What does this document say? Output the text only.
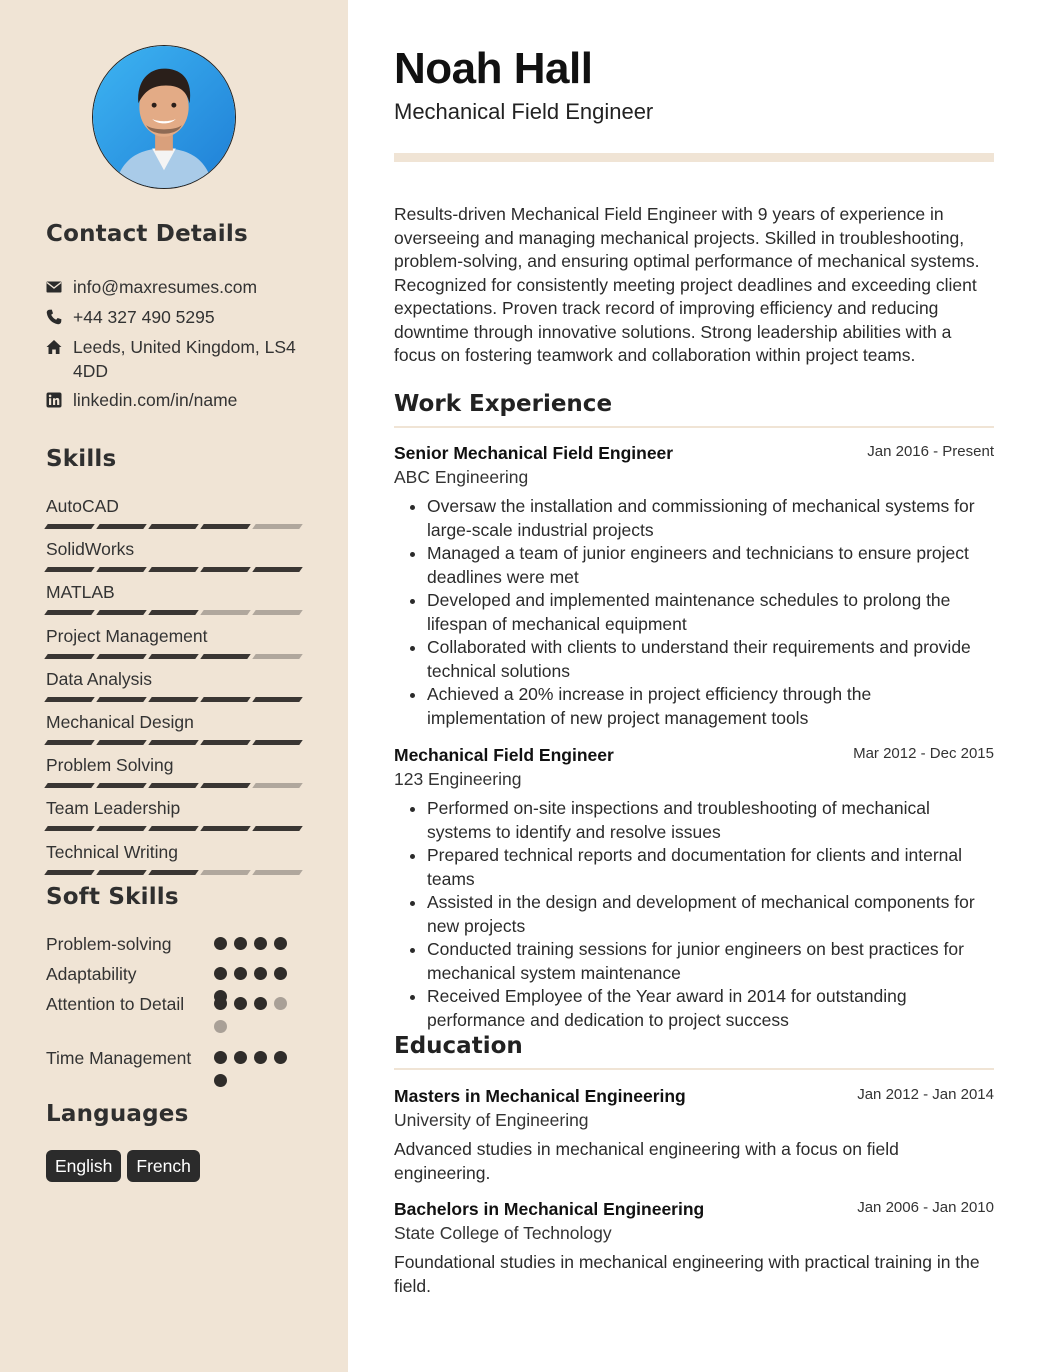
Contact Details
info@maxresumes.com
+44 327 490 5295
Leeds, United Kingdom, LS4 4DD
linkedin.com/in/name
Skills
AutoCAD
SolidWorks
MATLAB
Project Management
Data Analysis
Mechanical Design
Problem Solving
Team Leadership
Technical Writing
Soft Skills
Problem-solving
Adaptability
Attention to Detail
Time Management
Languages
English	French
Noah Hall
Mechanical Field Engineer
Results-driven Mechanical Field Engineer with 9 years of experience in overseeing and managing mechanical projects. Skilled in troubleshooting, problem-solving, and ensuring optimal performance of mechanical systems. Recognized for consistently meeting project deadlines and exceeding client expectations. Proven track record of improving efficiency and reducing downtime through innovative solutions. Strong leadership abilities with a focus on fostering teamwork and collaboration within project teams.
Work Experience
Senior Mechanical Field Engineer	Jan 2016 - Present
ABC Engineering
• Oversaw the installation and commissioning of mechanical systems for large-scale industrial projects
• Managed a team of junior engineers and technicians to ensure project deadlines were met
• Developed and implemented maintenance schedules to prolong the lifespan of mechanical equipment
• Collaborated with clients to understand their requirements and provide technical solutions
• Achieved a 20% increase in project efficiency through the implementation of new project management tools
Mechanical Field Engineer	Mar 2012 - Dec 2015
123 Engineering
• Performed on-site inspections and troubleshooting of mechanical systems to identify and resolve issues
• Prepared technical reports and documentation for clients and internal teams
• Assisted in the design and development of mechanical components for new projects
• Conducted training sessions for junior engineers on best practices for mechanical system maintenance
• Received Employee of the Year award in 2014 for outstanding performance and dedication to project success
Education
Masters in Mechanical Engineering	Jan 2012 - Jan 2014
University of Engineering
Advanced studies in mechanical engineering with a focus on field engineering.
Bachelors in Mechanical Engineering	Jan 2006 - Jan 2010
State College of Technology
Foundational studies in mechanical engineering with practical training in the field.
